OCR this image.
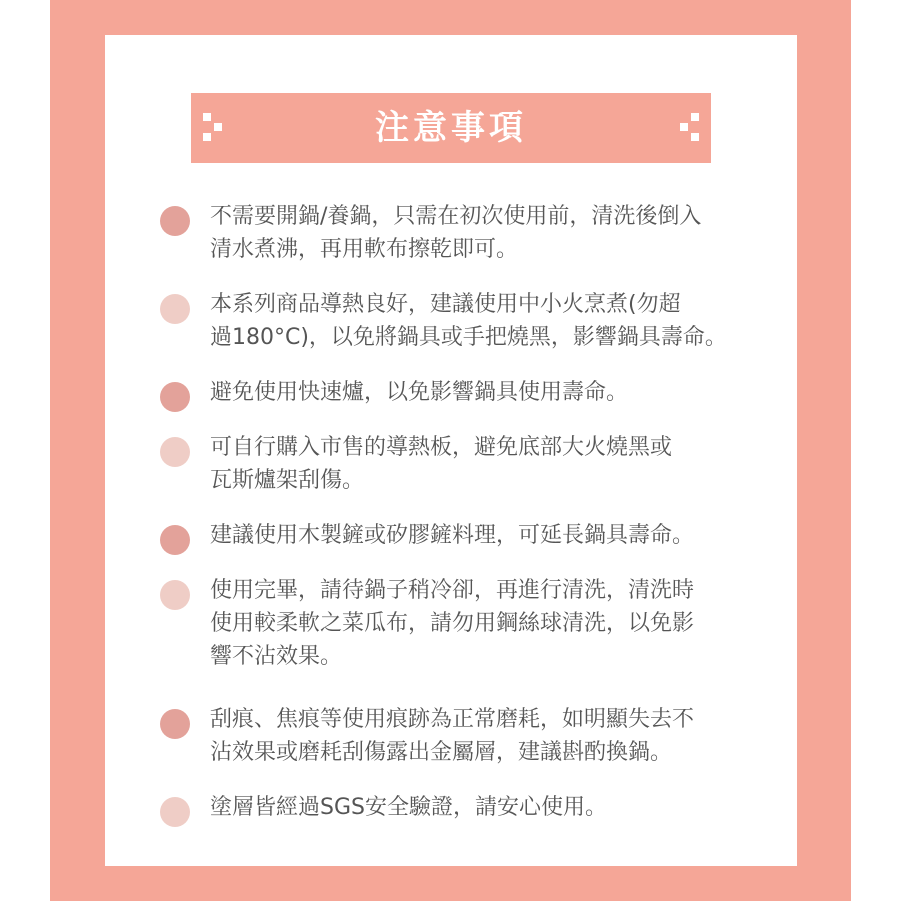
注意事項
不需要開鍋/養鍋，只需在初次使用前，清洗後倒入
清水煮沸，再用軟布擦乾即可。
本系列商品導熱良好，建議使用中小火烹煮(勿超
過180°C)，以免將鍋具或手把燒黑，影響鍋具壽命。
避免使用快速爐，以免影響鍋具使用壽命。
可自行購入市售的導熱板，避免底部大火燒黑或
瓦斯爐架刮傷。
建議使用木製鏟或矽膠鏟料理，可延長鍋具壽命。
使用完畢，請待鍋子稍冷卻，再進行清洗，清洗時
使用較柔軟之菜瓜布，請勿用鋼絲球清洗，以免影
響不沾效果。
刮痕、焦痕等使用痕跡為正常磨耗，如明顯失去不
沾效果或磨耗刮傷露出金屬層，建議斟酌換鍋。
塗層皆經過SGS安全驗證，請安心使用。
